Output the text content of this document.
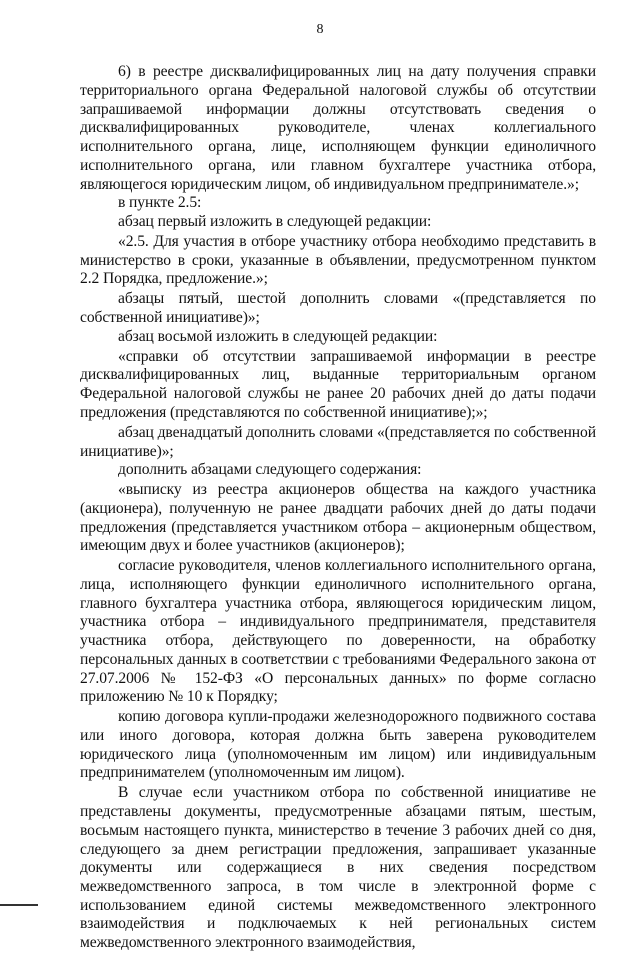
8

6) в реестре дисквалифицированных лиц на дату получения справки территориального органа Федеральной налоговой службы об отсутствии запрашиваемой информации должны отсутствовать сведения о дисквалифицированных руководителе, членах коллегиального исполнительного органа, лице, исполняющем функции единоличного исполнительного органа, или главном бухгалтере участника отбора, являющегося юридическим лицом, об индивидуальном предпринимателе.»;

в пункте 2.5:

абзац первый изложить в следующей редакции:

«2.5. Для участия в отборе участнику отбора необходимо представить в министерство в сроки, указанные в объявлении, предусмотренном пунктом 2.2 Порядка, предложение.»;

абзацы пятый, шестой дополнить словами «(представляется по собственной инициативе)»;

абзац восьмой изложить в следующей редакции:

«справки об отсутствии запрашиваемой информации в реестре дисквалифицированных лиц, выданные территориальным органом Федеральной налоговой службы не ранее 20 рабочих дней до даты подачи предложения (представляются по собственной инициативе);»;

абзац двенадцатый дополнить словами «(представляется по собственной инициативе)»;

дополнить абзацами следующего содержания:

«выписку из реестра акционеров общества на каждого участника (акционера), полученную не ранее двадцати рабочих дней до даты подачи предложения (представляется участником отбора – акционерным обществом, имеющим двух и более участников (акционеров);

согласие руководителя, членов коллегиального исполнительного органа, лица, исполняющего функции единоличного исполнительного органа, главного бухгалтера участника отбора, являющегося юридическим лицом, участника отбора – индивидуального предпринимателя, представителя участника отбора, действующего по доверенности, на обработку персональных данных в соответствии с требованиями Федерального закона от 27.07.2006 № 152-ФЗ «О персональных данных» по форме согласно приложению № 10 к Порядку;

копию договора купли-продажи железнодорожного подвижного состава или иного договора, которая должна быть заверена руководителем юридического лица (уполномоченным им лицом) или индивидуальным предпринимателем (уполномоченным им лицом).

В случае если участником отбора по собственной инициативе не представлены документы, предусмотренные абзацами пятым, шестым, восьмым настоящего пункта, министерство в течение 3 рабочих дней со дня, следующего за днем регистрации предложения, запрашивает указанные документы или содержащиеся в них сведения посредством межведомственного запроса, в том числе в электронной форме с использованием единой системы межведомственного электронного взаимодействия и подключаемых к ней региональных систем межведомственного электронного взаимодействия,
